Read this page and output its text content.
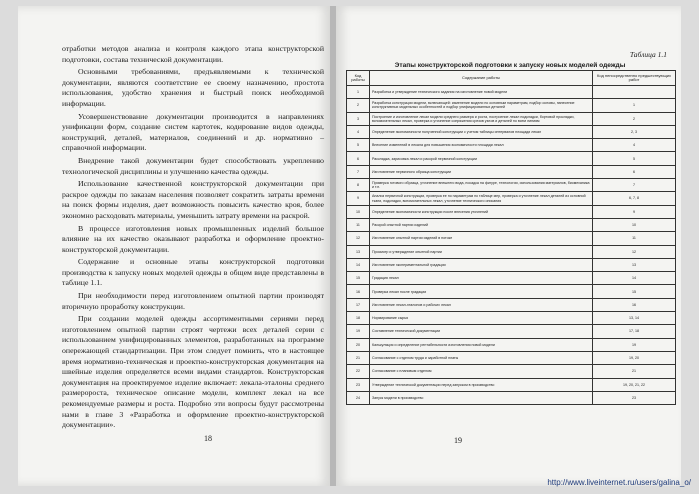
отработки методов анализа и контроля каждого этапа конструкторской подготовки, состава технической документации.

Основными требованиями, предъявляемыми к технической документации, являются соответствие ее своему назначению, простота использования, удобство хранения и быстрый поиск необходимой информации.

Усовершенствование документации производится в направлениях унификации форм, создание систем картотек, кодирование видов одежды, конструкций, деталей, материалов, соединений и др. нормативно – справочной информации.

Внедрение такой документации будет способствовать укреплению технологической дисциплины и улучшению качества одежды.

Использование качественной конструкторской документации при раскрое одежды по заказам населения позволяет сократить затраты времени на поиск формы изделия, дает возможность повысить качество кроя, более экономно расходовать материалы, уменьшить затрату времени на раскрой.

В процессе изготовления новых промышленных изделий большое влияние на их качество оказывают разработка и оформление проектно-конструкторской документации.

Содержание и основные этапы конструкторской подготовки производства к запуску новых моделей одежды в общем виде представлены в таблице 1.1.

При необходимости перед изготовлением опытной партии производят вторичную проработку конструкции.

При создании моделей одежды ассортиментными сериями перед изготовлением опытной партии строят чертежи всех деталей серии с использованием унифицированных элементов, разработанных на программе опережающей стандартизации. При этом следует помнить, что в настоящее время нормативно-техническая и проектно-конструкторская документация на швейные изделия определяется всеми видами стандартов. Конструкторская документация на проектируемое изделие включает: лекала-эталоны среднего размероростa, техническое описание модели, комплект лекал на все рекомендуемые размеры и роста. Подробно эти вопросы будут рассмотрены нами в главе 3 «Разработка и оформление проектно-конструкторской документации».

18
Таблица 1.1
Этапы конструкторской подготовки к запуску новых моделей одежды
Код работы	Содержание работы	Код непосредственно предшествующих работ
1	Разработка и утверждение технического задания на изготовление новой модели	
2	Разработка конструкции модели, включающей: изменение модели по основным параметрам, подбор основы, нанесение конструктивных модельных особенностей и подбор унифицированных деталей	1
3	Построение и изготовление лекал модели среднего размера и роста, построение лекал подкладки, бортовой прокладки, вспомогательных лекал, проверка и уточнение сопряжения срезов узлов и деталей по всем линиям	2
4	Определение экономичности полученной конструкции с учетом таблицы интервалов площади лекал	2, 3
5	Внесение изменений в лекала для повышения экономичности площади лекал	4
6	Раскладка, зарисовка лекал и раскрой первичной конструкции	5
7	Изготовление первичного образца конструкции	6
8	Примерка готового образца, уточнение внешнего вида, посадка на фигуре, технологии, использования материалов, биомеханика и т.п.	7
9	Анализ первичной конструкции, проверка ее по параметрам по таблице мер, проверка и уточнение лекал деталей из основной ткани, подкладки, вспомогательных лекал, уточнение технического описания	6, 7, 8
10	Определение экономичности конструкции после внесения уточнений	9
11	Раскрой опытной партии изделий	10
12	Изготовление опытной партии изделий в потоке	11
13	Просмотр и утверждение опытной партии	12
14	Изготовление экспериментальной градации	13
15	Градация лекал	14
16	Проверка лекал после градации	15
17	Изготовление лекал-эталонов и рабочих лекал	16
18	Нормирование сырья	13, 14
19	Составление технической документации	17, 18
20	Калькуляция и определение рентабельности изготовления новой модели	19
21	Согласование с отделом труда и заработной платы	19, 20
22	Согласование с плановым отделом	21
23	Утверждение технической документации перед запуском в производство	19, 20, 21, 22
24	Запуск модели в производство	23
19
http://www.liveinternet.ru/users/galina_o/
